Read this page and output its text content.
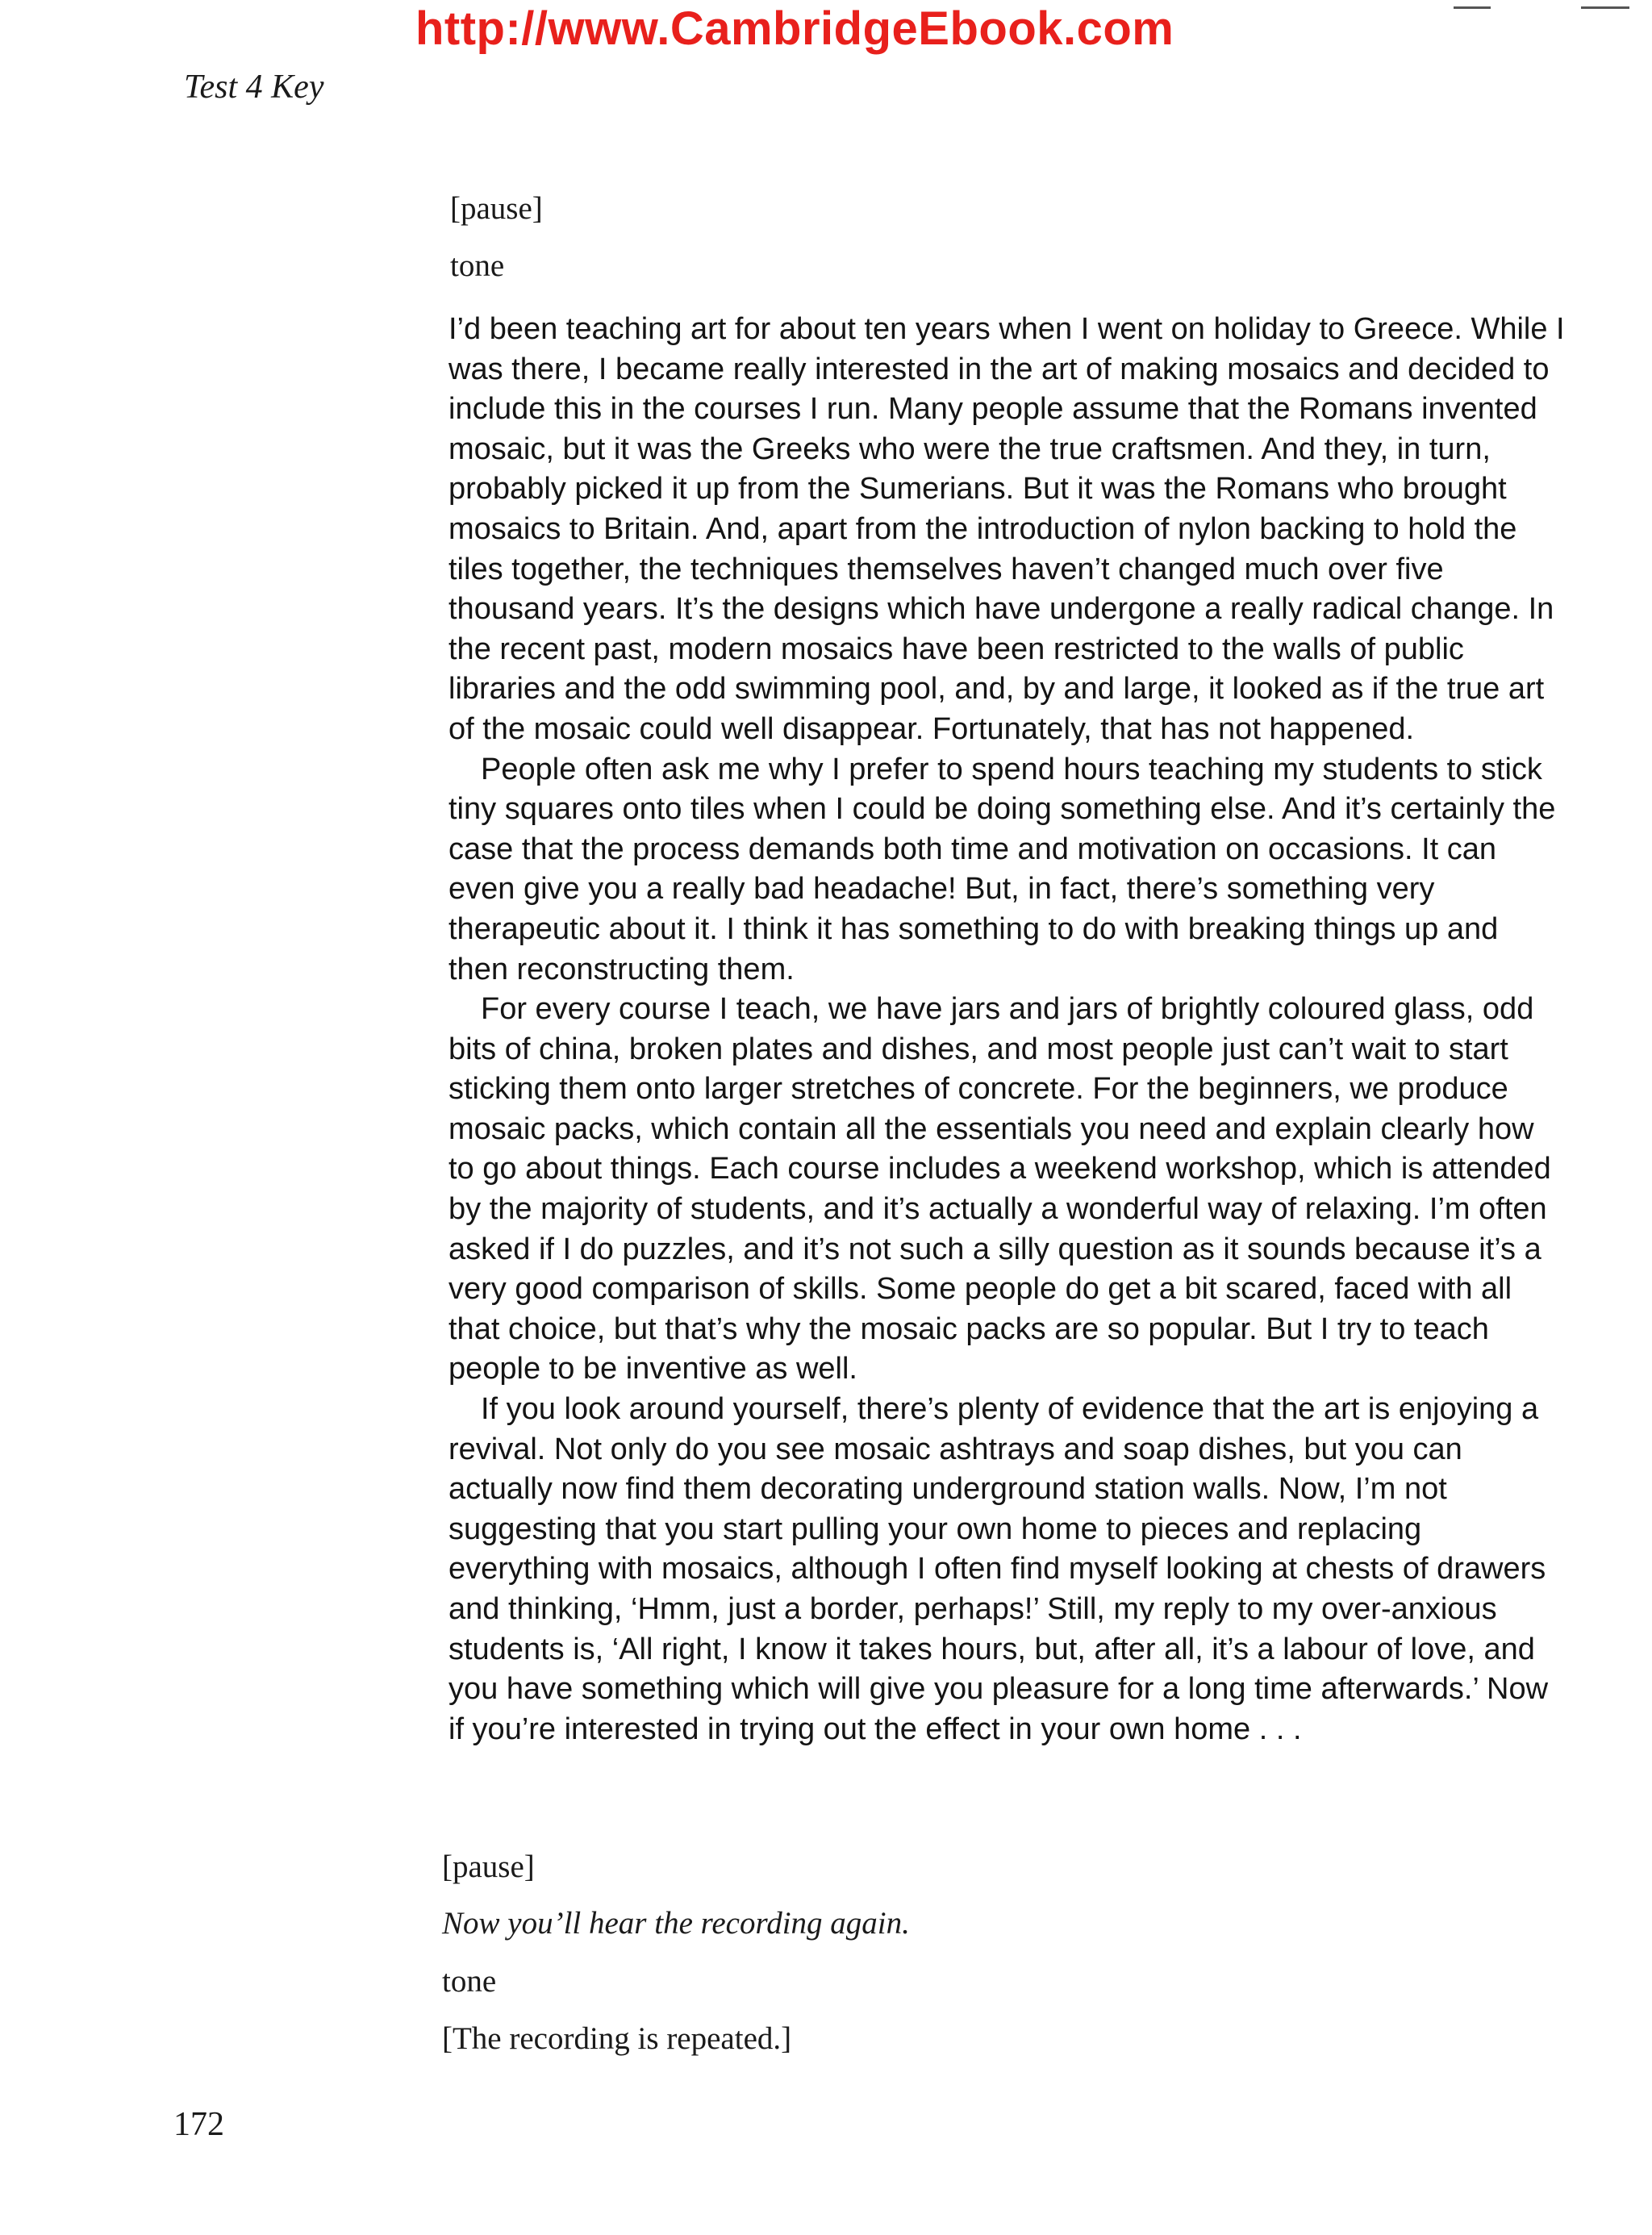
http://www.CambridgeEbook.com
Test 4 Key
[pause]
tone

I’d been teaching art for about ten years when I went on holiday to Greece. While I was there, I became really interested in the art of making mosaics and decided to include this in the courses I run. Many people assume that the Romans invented mosaic, but it was the Greeks who were the true craftsmen. And they, in turn, probably picked it up from the Sumerians. But it was the Romans who brought mosaics to Britain. And, apart from the introduction of nylon backing to hold the tiles together, the techniques themselves haven’t changed much over five thousand years. It’s the designs which have undergone a really radical change. In the recent past, modern mosaics have been restricted to the walls of public libraries and the odd swimming pool, and, by and large, it looked as if the true art of the mosaic could well disappear. Fortunately, that has not happened.

People often ask me why I prefer to spend hours teaching my students to stick tiny squares onto tiles when I could be doing something else. And it’s certainly the case that the process demands both time and motivation on occasions. It can even give you a really bad headache! But, in fact, there’s something very therapeutic about it. I think it has something to do with breaking things up and then reconstructing them.

For every course I teach, we have jars and jars of brightly coloured glass, odd bits of china, broken plates and dishes, and most people just can’t wait to start sticking them onto larger stretches of concrete. For the beginners, we produce mosaic packs, which contain all the essentials you need and explain clearly how to go about things. Each course includes a weekend workshop, which is attended by the majority of students, and it’s actually a wonderful way of relaxing. I’m often asked if I do puzzles, and it’s not such a silly question as it sounds because it’s a very good comparison of skills. Some people do get a bit scared, faced with all that choice, but that’s why the mosaic packs are so popular. But I try to teach people to be inventive as well.

If you look around yourself, there’s plenty of evidence that the art is enjoying a revival. Not only do you see mosaic ashtrays and soap dishes, but you can actually now find them decorating underground station walls. Now, I’m not suggesting that you start pulling your own home to pieces and replacing everything with mosaics, although I often find myself looking at chests of drawers and thinking, ‘Hmm, just a border, perhaps!’ Still, my reply to my over-anxious students is, ‘All right, I know it takes hours, but, after all, it’s a labour of love, and you have something which will give you pleasure for a long time afterwards.’ Now if you’re interested in trying out the effect in your own home . . .

[pause]
Now you’ll hear the recording again.
tone
[The recording is repeated.]
172
